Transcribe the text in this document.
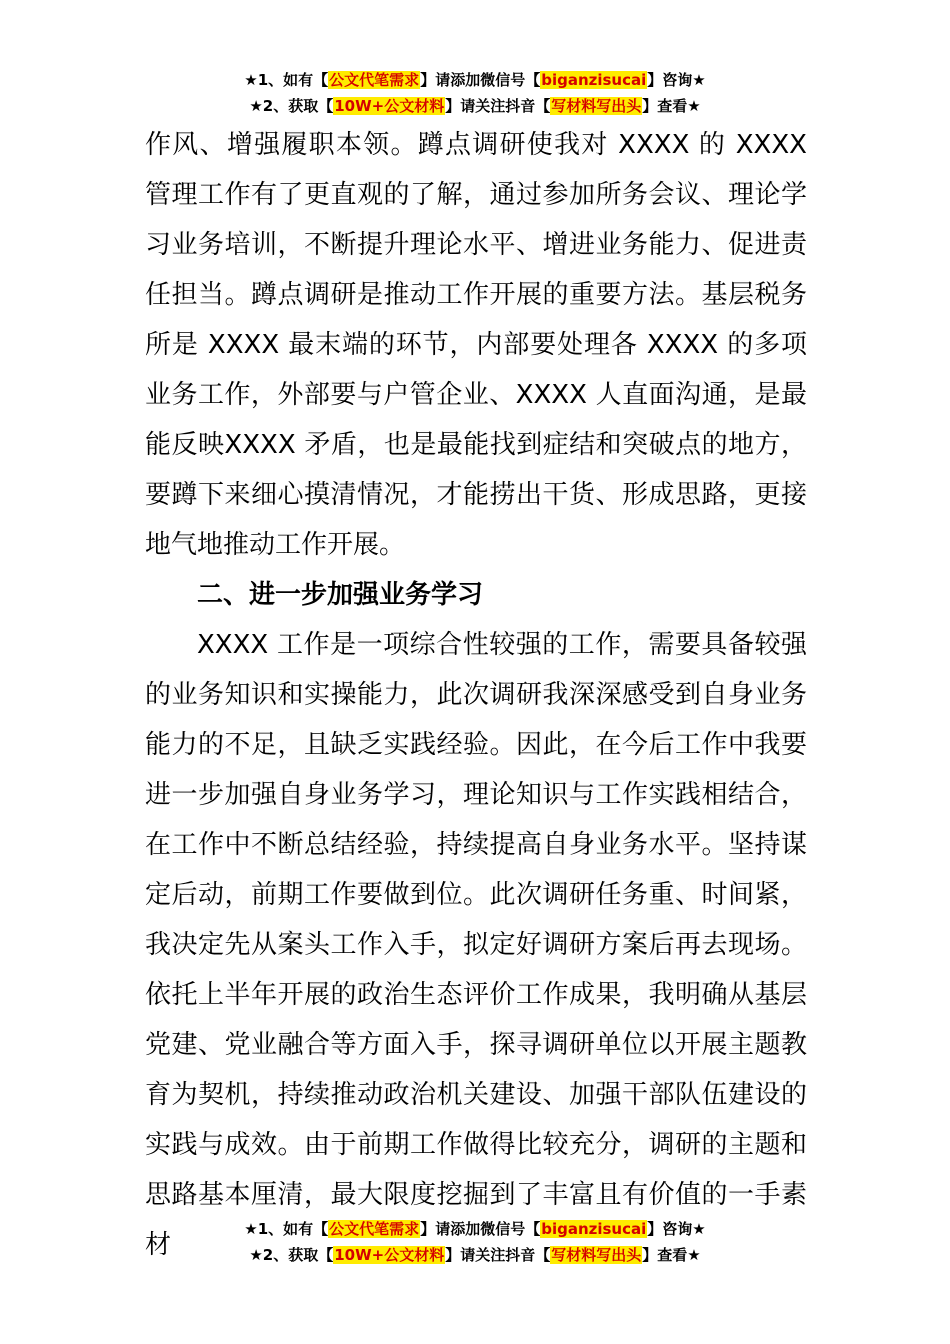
★1、如有【公文代笔需求】请添加微信号【biganzisucai】咨询★
★2、获取【10W+公文材料】请关注抖音【写材料写出头】查看★

作风、增强履职本领。蹲点调研使我对 XXXX 的 XXXX 管理工作有了更直观的了解，通过参加所务会议、理论学习业务培训，不断提升理论水平、增进业务能力、促进责任担当。蹲点调研是推动工作开展的重要方法。基层税务所是 XXXX 最末端的环节，内部要处理各 XXXX 的多项业务工作，外部要与户管企业、XXXX 人直面沟通，是最能反映XXXX 矛盾，也是最能找到症结和突破点的地方，要蹲下来细心摸清情况，才能捞出干货、形成思路，更接地气地推动工作开展。

二、进一步加强业务学习

XXXX 工作是一项综合性较强的工作，需要具备较强的业务知识和实操能力，此次调研我深深感受到自身业务能力的不足，且缺乏实践经验。因此，在今后工作中我要进一步加强自身业务学习，理论知识与工作实践相结合，在工作中不断总结经验，持续提高自身业务水平。坚持谋定后动，前期工作要做到位。此次调研任务重、时间紧，我决定先从案头工作入手，拟定好调研方案后再去现场。依托上半年开展的政治生态评价工作成果，我明确从基层党建、党业融合等方面入手，探寻调研单位以开展主题教育为契机，持续推动政治机关建设、加强干部队伍建设的实践与成效。由于前期工作做得比较充分，调研的主题和思路基本厘清，最大限度挖掘到了丰富且有价值的一手素材

★1、如有【公文代笔需求】请添加微信号【biganzisucai】咨询★
★2、获取【10W+公文材料】请关注抖音【写材料写出头】查看★
